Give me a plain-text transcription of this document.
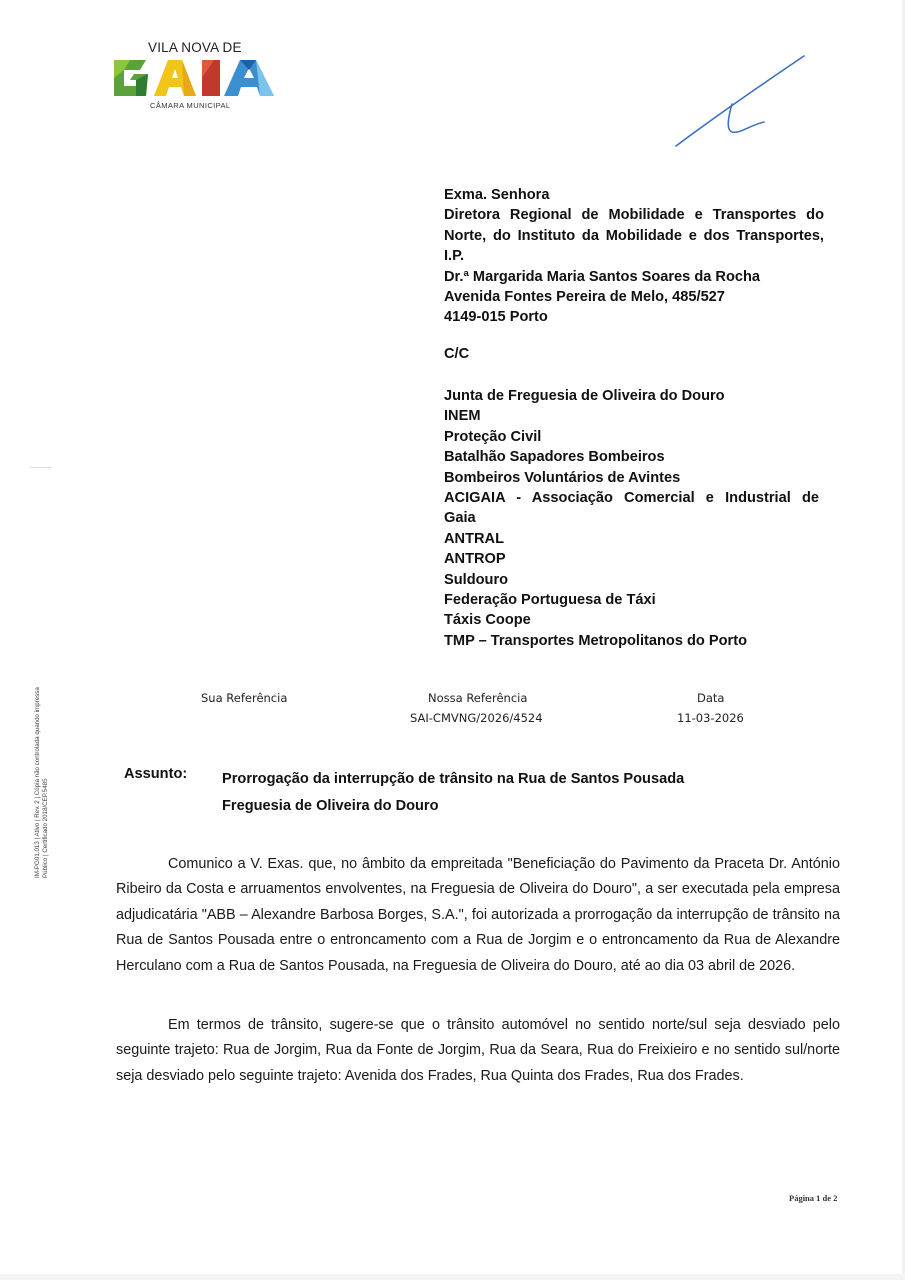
VILA NOVA DE
CÂMARA MUNICIPAL
Exma. Senhora
Diretora Regional de Mobilidade e Transportes do Norte, do Instituto da Mobilidade e dos Transportes, I.P.
Dr.ª Margarida Maria Santos Soares da Rocha
Avenida Fontes Pereira de Melo, 485/527
4149-015 Porto
C/C
Junta de Freguesia de Oliveira do Douro
INEM
Proteção Civil
Batalhão Sapadores Bombeiros
Bombeiros Voluntários de Avintes
ACIGAIA - Associação Comercial e Industrial de
Gaia
ANTRAL
ANTROP
Suldouro
Federação Portuguesa de Táxi
Táxis Coope
TMP – Transportes Metropolitanos do Porto
Sua Referência	Nossa Referência
SAI-CMVNG/2026/4524
Data
11-03-2026
Assunto: Prorrogação da interrupção de trânsito na Rua de Santos Pousada
Freguesia de Oliveira do Douro
Comunico a V. Exas. que, no âmbito da empreitada "Beneficiação do Pavimento da Praceta Dr. António Ribeiro da Costa e arruamentos envolventes, na Freguesia de Oliveira do Douro", a ser executada pela empresa adjudicatária "ABB – Alexandre Barbosa Borges, S.A.", foi autorizada a prorrogação da interrupção de trânsito na Rua de Santos Pousada entre o entroncamento com a Rua de Jorgim e o entroncamento da Rua de Alexandre Herculano com a Rua de Santos Pousada, na Freguesia de Oliveira do Douro, até ao dia 03 abril de 2026.
Em termos de trânsito, sugere-se que o trânsito automóvel no sentido norte/sul seja desviado pelo seguinte trajeto: Rua de Jorgim, Rua da Fonte de Jorgim, Rua da Seara, Rua do Freixieiro e no sentido sul/norte seja desviado pelo seguinte trajeto: Avenida dos Frades, Rua Quinta dos Frades, Rua dos Frades.
IM-PG01.013 | Ativo | Rev. 2 | Cópia não controlada quando impressa Público | Certificado 2018/CEP.5485
Página 1 de 2
